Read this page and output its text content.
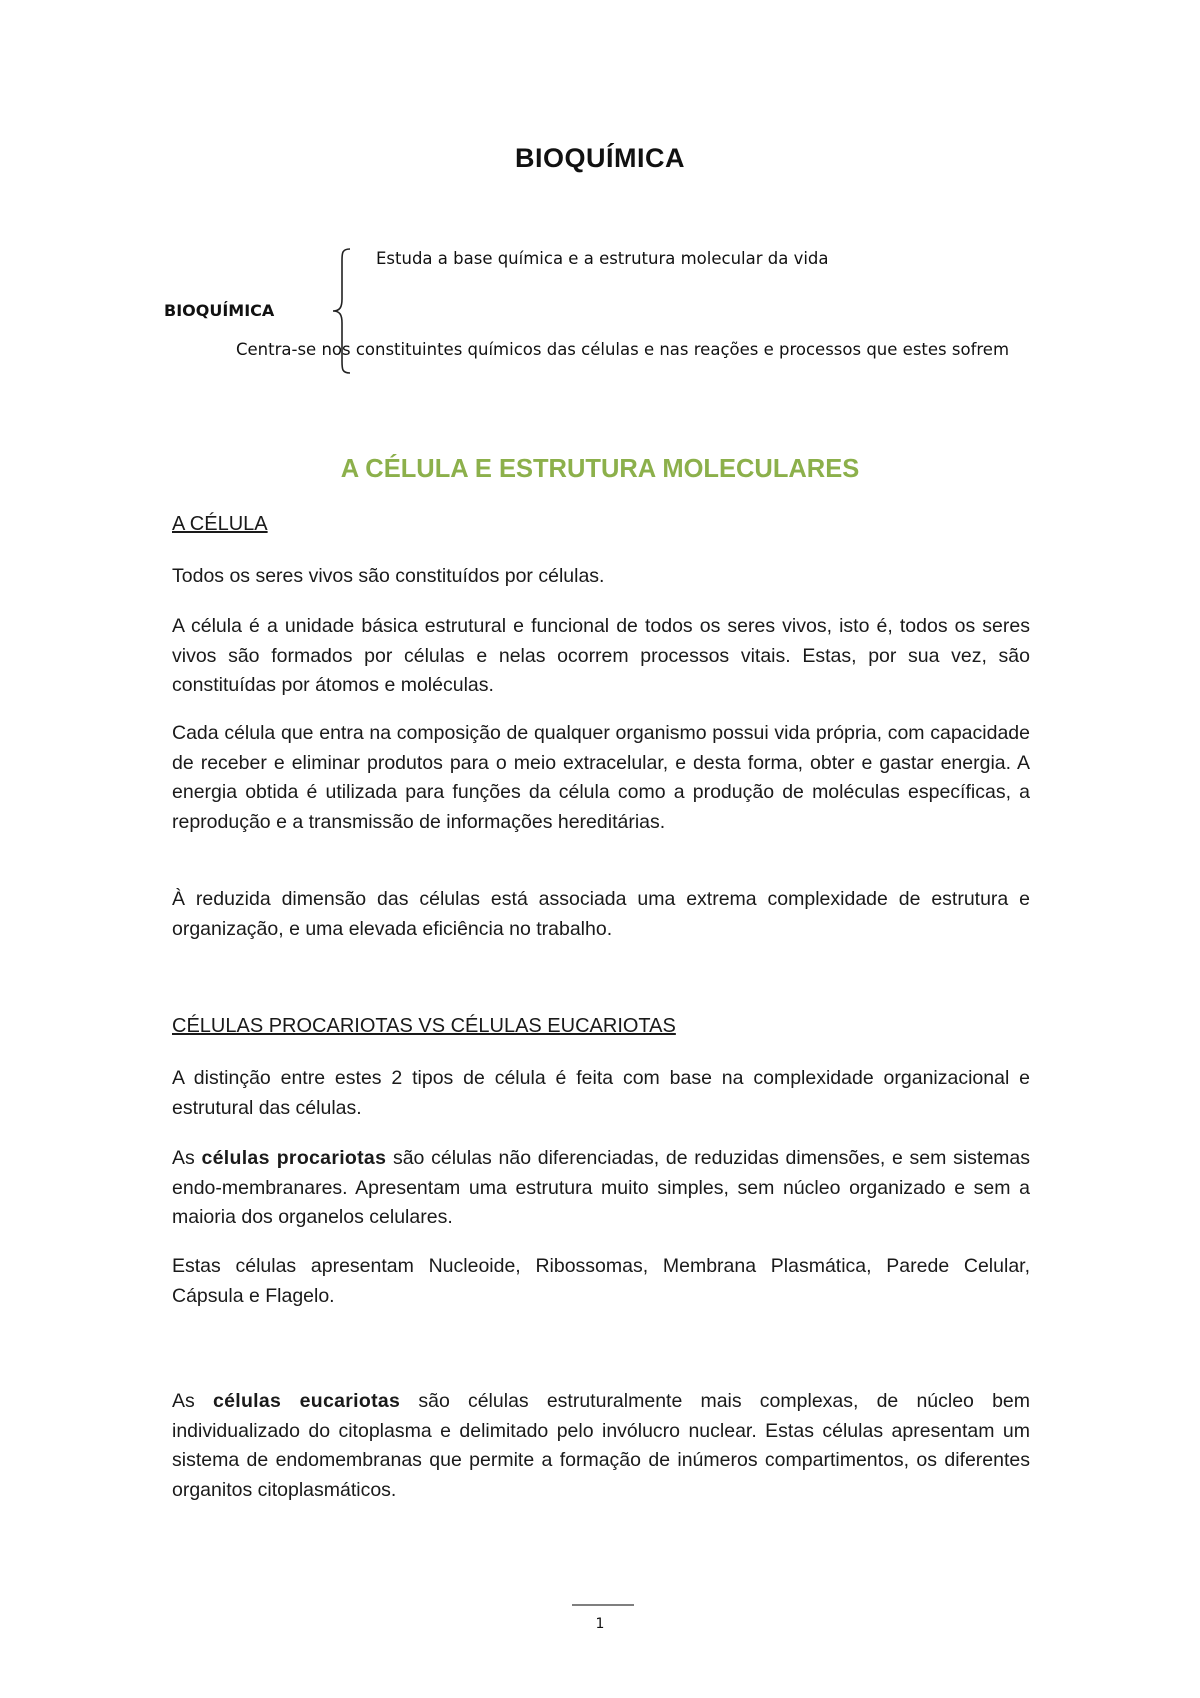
BIOQUÍMICA
BIOQUÍMICA
Estuda a base química e a estrutura molecular da vida
Centra-se nos constituintes químicos das células e nas reações e processos que estes sofrem
A CÉLULA E ESTRUTURA MOLECULARES
A CÉLULA

Todos os seres vivos são constituídos por células.

A célula é a unidade básica estrutural e funcional de todos os seres vivos, isto é, todos os seres vivos são formados por células e nelas ocorrem processos vitais. Estas, por sua vez, são constituídas por átomos e moléculas.

Cada célula que entra na composição de qualquer organismo possui vida própria, com capacidade de receber e eliminar produtos para o meio extracelular, e desta forma, obter e gastar energia. A energia obtida é utilizada para funções da célula como a produção de moléculas específicas, a reprodução e a transmissão de informações hereditárias.

À reduzida dimensão das células está associada uma extrema complexidade de estrutura e organização, e uma elevada eficiência no trabalho.

CÉLULAS PROCARIOTAS VS CÉLULAS EUCARIOTAS

A distinção entre estes 2 tipos de célula é feita com base na complexidade organizacional e estrutural das células.

As células procariotas são células não diferenciadas, de reduzidas dimensões, e sem sistemas endo-membranares. Apresentam uma estrutura muito simples, sem núcleo organizado e sem a maioria dos organelos celulares.

Estas células apresentam Nucleoide, Ribossomas, Membrana Plasmática, Parede Celular, Cápsula e Flagelo.

As células eucariotas são células estruturalmente mais complexas, de núcleo bem individualizado do citoplasma e delimitado pelo invólucro nuclear. Estas células apresentam um sistema de endomembranas que permite a formação de inúmeros compartimentos, os diferentes organitos citoplasmáticos.

1
